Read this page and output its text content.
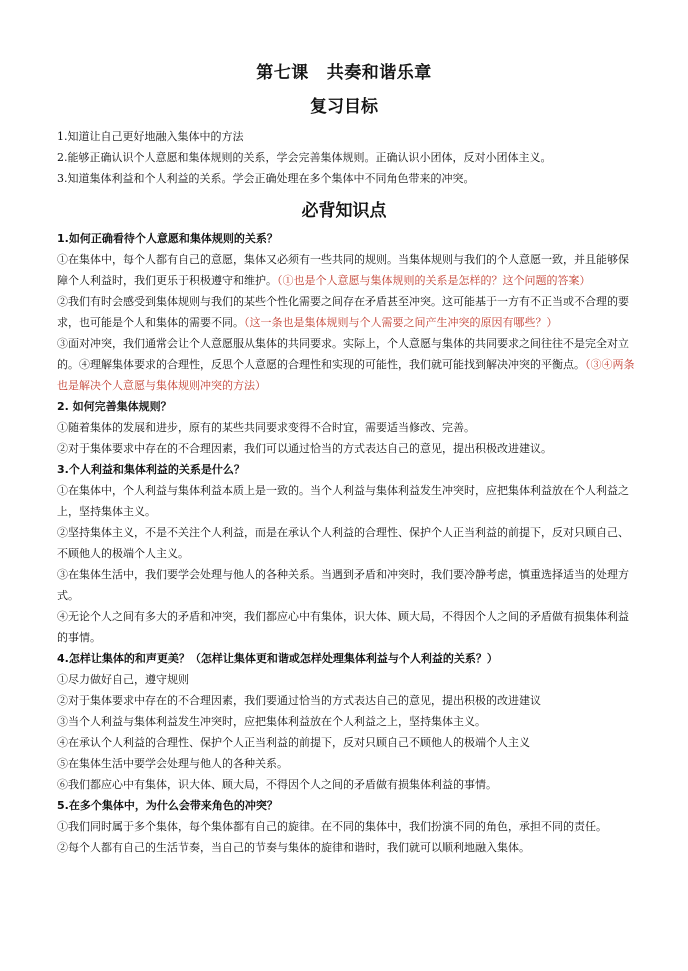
第七课 共奏和谐乐章
复习目标

1.知道让自己更好地融入集体中的方法

2.能够正确认识个人意愿和集体规则的关系，学会完善集体规则。正确认识小团体，反对小团体主义。

3.知道集体利益和个人利益的关系。学会正确处理在多个集体中不同角色带来的冲突。

必背知识点

1.如何正确看待个人意愿和集体规则的关系？

①在集体中，每个人都有自己的意愿，集体又必须有一些共同的规则。当集体规则与我们的个人意愿一致，并且能够保障个人利益时，我们更乐于积极遵守和维护。（①也是个人意愿与集体规则的关系是怎样的？这个问题的答案）

②我们有时会感受到集体规则与我们的某些个性化需要之间存在矛盾甚至冲突。这可能基于一方有不正当或不合理的要求，也可能是个人和集体的需要不同。（这一条也是集体规则与个人需要之间产生冲突的原因有哪些？）

③面对冲突，我们通常会让个人意愿服从集体的共同要求。实际上，个人意愿与集体的共同要求之间往往不是完全对立的。④理解集体要求的合理性，反思个人意愿的合理性和实现的可能性，我们就可能找到解决冲突的平衡点。（③④两条也是解决个人意愿与集体规则冲突的方法）

2. 如何完善集体规则？

①随着集体的发展和进步，原有的某些共同要求变得不合时宜，需要适当修改、完善。

②对于集体要求中存在的不合理因素，我们可以通过恰当的方式表达自己的意见，提出积极改进建议。

3.个人利益和集体利益的关系是什么？

①在集体中，个人利益与集体利益本质上是一致的。当个人利益与集体利益发生冲突时，应把集体利益放在个人利益之上，坚持集体主义。

②坚持集体主义，不是不关注个人利益，而是在承认个人利益的合理性、保护个人正当利益的前提下，反对只顾自己、不顾他人的极端个人主义。

③在集体生活中，我们要学会处理与他人的各种关系。当遇到矛盾和冲突时，我们要冷静考虑，慎重选择适当的处理方式。

④无论个人之间有多大的矛盾和冲突，我们都应心中有集体，识大体、顾大局，不得因个人之间的矛盾做有损集体利益的事情。

4.怎样让集体的和声更美？（怎样让集体更和谐或怎样处理集体利益与个人利益的关系？）

①尽力做好自己，遵守规则

②对于集体要求中存在的不合理因素，我们要通过恰当的方式表达自己的意见，提出积极的改进建议

③当个人利益与集体利益发生冲突时，应把集体利益放在个人利益之上，坚持集体主义。

④在承认个人利益的合理性、保护个人正当利益的前提下，反对只顾自己不顾他人的极端个人主义

⑤在集体生活中要学会处理与他人的各种关系。

⑥我们都应心中有集体，识大体、顾大局，不得因个人之间的矛盾做有损集体利益的事情。

5.在多个集体中，为什么会带来角色的冲突？

①我们同时属于多个集体，每个集体都有自己的旋律。在不同的集体中，我们扮演不同的角色，承担不同的责任。

②每个人都有自己的生活节奏，当自己的节奏与集体的旋律和谐时，我们就可以顺利地融入集体。
